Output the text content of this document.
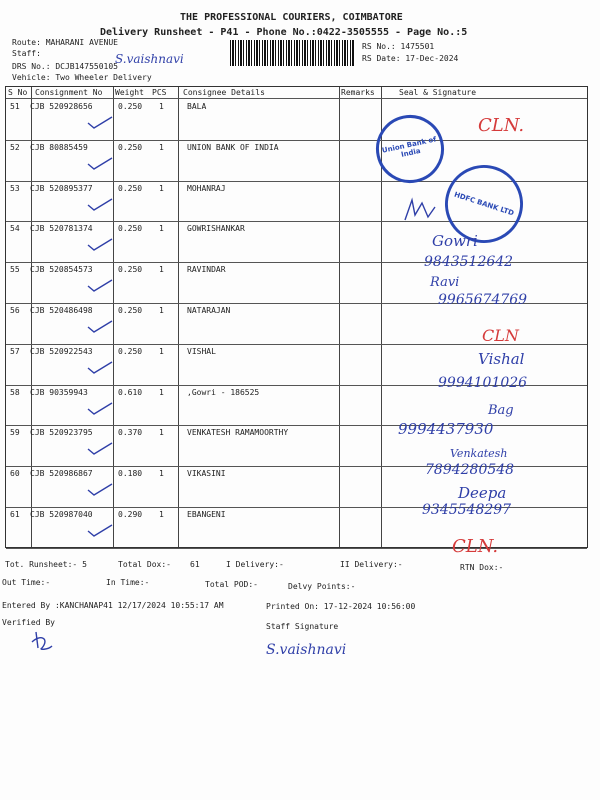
THE PROFESSIONAL COURIERS, COIMBATORE
Delivery Runsheet - P41 - Phone No.:0422-3505555 - Page No.:5
Route: MAHARANI AVENUE
Staff:	S.vaishnavi
RS No.: 1475501
RS Date: 17-Dec-2024
DRS No.: DCJB147550105
Vehicle: Two Wheeler Delivery
S No Consignment No Weight PCS Consignee Details	Remarks	Seal & Signature
51 CJB 520928656	0.250 1	BALA
52 CJB 80885459	0.250 1	UNION BANK OF INDIA
53 CJB 520895377	0.250 1	MOHANRAJ
54 CJB 520781374	0.250 1	GOWRISHANKAR
55 CJB 520854573	0.250 1	RAVINDAR
56 CJB 520486498	0.250 1	NATARAJAN
57 CJB 520922543	0.250 1	VISHAL
58 CJB 90359943	0.610 1	,Gowri - 186525
59 CJB 520923795	0.370 1	VENKATESH RAMAMOORTHY
60 CJB 520986867	0.180 1	VIKASINI
61 CJB 520987040	0.290 1	EBANGENI
Union Bank of India
HDFC BANK LTD
CLN.
Gowri
9843512642
Ravi
9965674769
CLN
Vishal
9994101026
Bag
9994437930
Venkatesh
7894280548
Deepa
9345548297
CLN.
Tot. Runsheet:- 5	Total Dox:- 61	I Delivery:-	II Delivery:-	RTN Dox:-
Out Time:-	In Time:-	Total POD:-	Delvy Points:-
Entered By :KANCHANAP41 12/17/2024 10:55:17 AM	Printed On: 17-12-2024 10:56:00
Verified By	Staff Signature
S.vaishnavi
